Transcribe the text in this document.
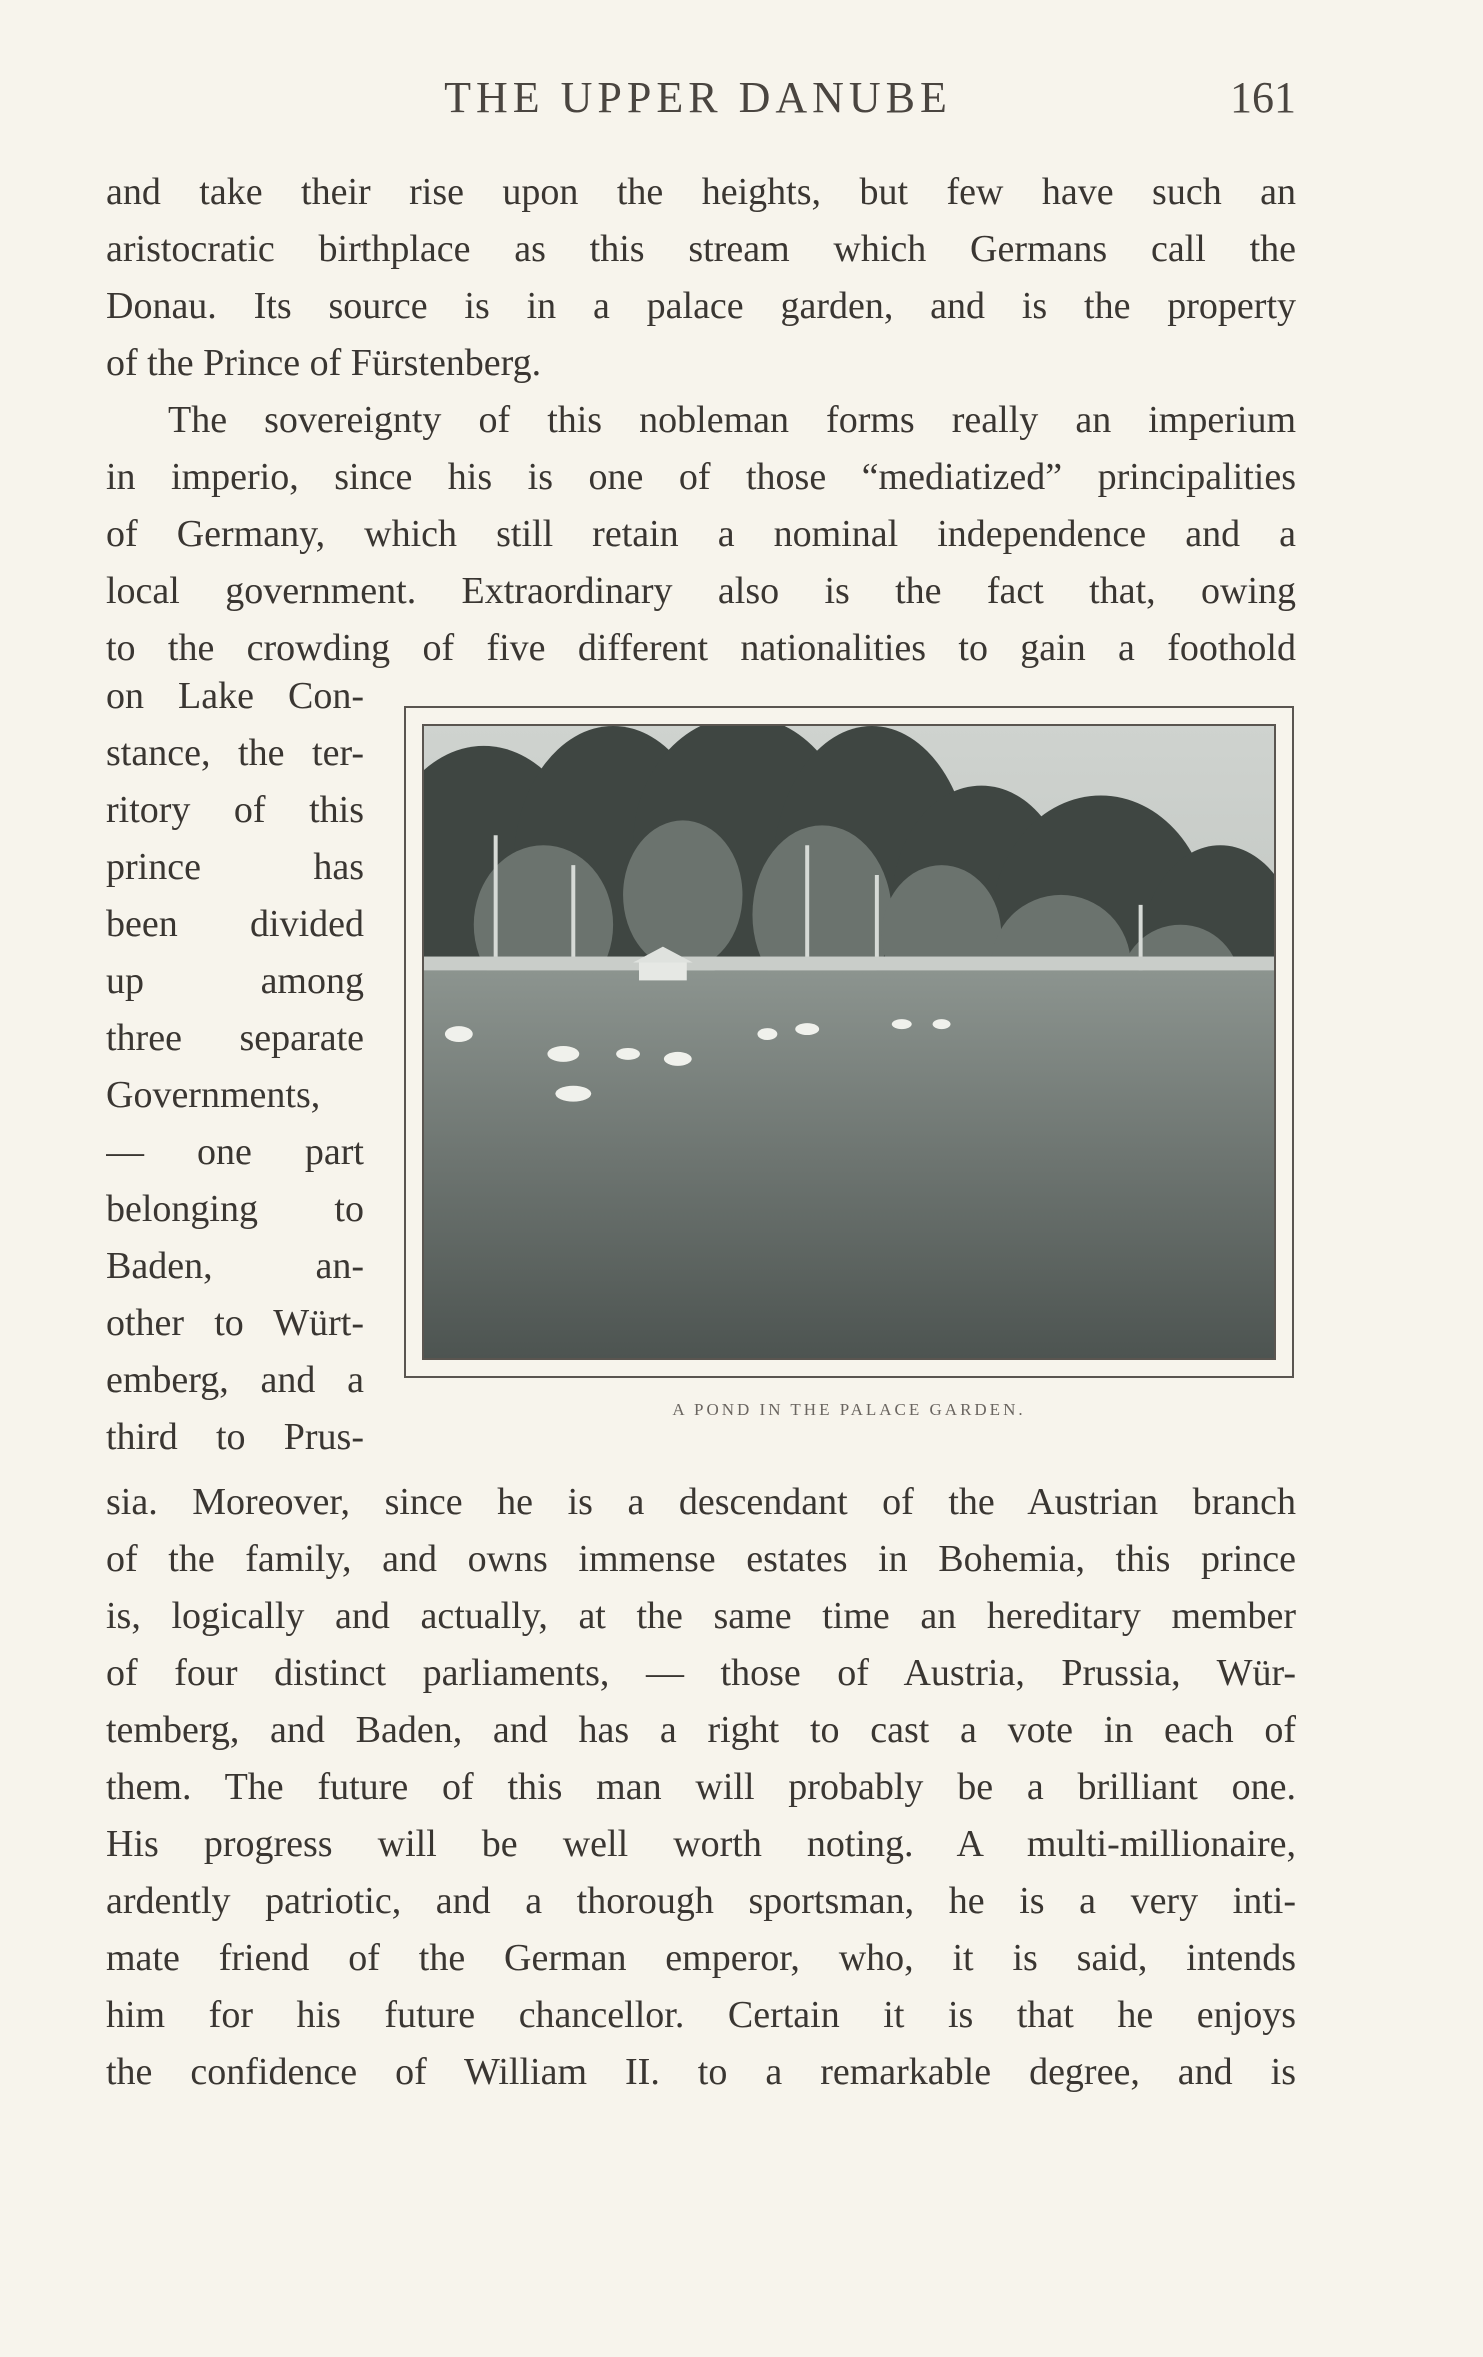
THE UPPER DANUBE	161
and take their rise upon the heights, but few have such an
aristocratic birthplace as this stream which Germans call the
Donau. Its source is in a palace garden, and is the property
of the Prince of Fürstenberg.
The sovereignty of this nobleman forms really an imperium
in imperio, since his is one of those “mediatized” principalities
of Germany, which still retain a nominal independence and a
local government. Extraordinary also is the fact that, owing
to the crowding of five different nationalities to gain a foothold
on Lake Con-
stance, the ter-
ritory of this
prince has
been divided
up among
three separate
Governments,
— one part
belonging to
Baden, an-
other to Würt-
emberg, and a
third to Prus-
A POND IN THE PALACE GARDEN.
sia. Moreover, since he is a descendant of the Austrian branch
of the family, and owns immense estates in Bohemia, this prince
is, logically and actually, at the same time an hereditary member
of four distinct parliaments, — those of Austria, Prussia, Wür-
temberg, and Baden, and has a right to cast a vote in each of
them. The future of this man will probably be a brilliant one.
His progress will be well worth noting. A multi-millionaire,
ardently patriotic, and a thorough sportsman, he is a very inti-
mate friend of the German emperor, who, it is said, intends
him for his future chancellor. Certain it is that he enjoys
the confidence of William II. to a remarkable degree, and is
